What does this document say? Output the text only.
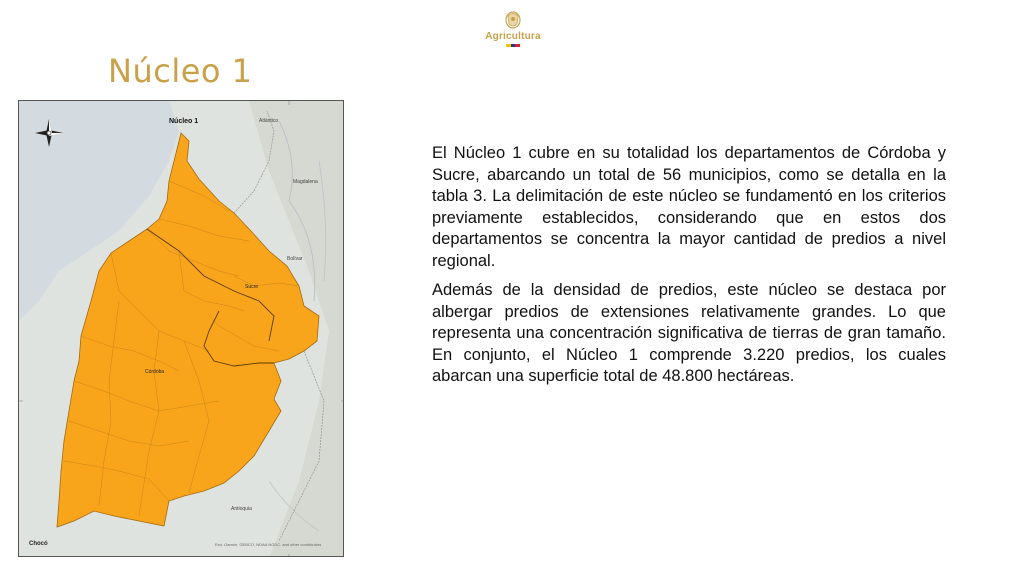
Agricultura
Núcleo 1
Núcleo 1	Atlántico
Magdalena
Bolívar
Sucre
Córdoba
Antioquia
Chocó	Esri, Garmin, GEBCO, NOAA NGDC, and other contributors

El Núcleo 1 cubre en su totalidad los departamentos de Córdoba y Sucre, abarcando un total de 56 municipios, como se detalla en la tabla 3. La delimitación de este núcleo se fundamentó en los criterios previamente establecidos, considerando que en estos dos departamentos se concentra la mayor cantidad de predios a nivel regional.

Además de la densidad de predios, este núcleo se destaca por albergar predios de extensiones relativamente grandes. Lo que representa una concentración significativa de tierras de gran tamaño. En conjunto, el Núcleo 1 comprende 3.220 predios, los cuales abarcan una superficie total de 48.800 hectáreas.
